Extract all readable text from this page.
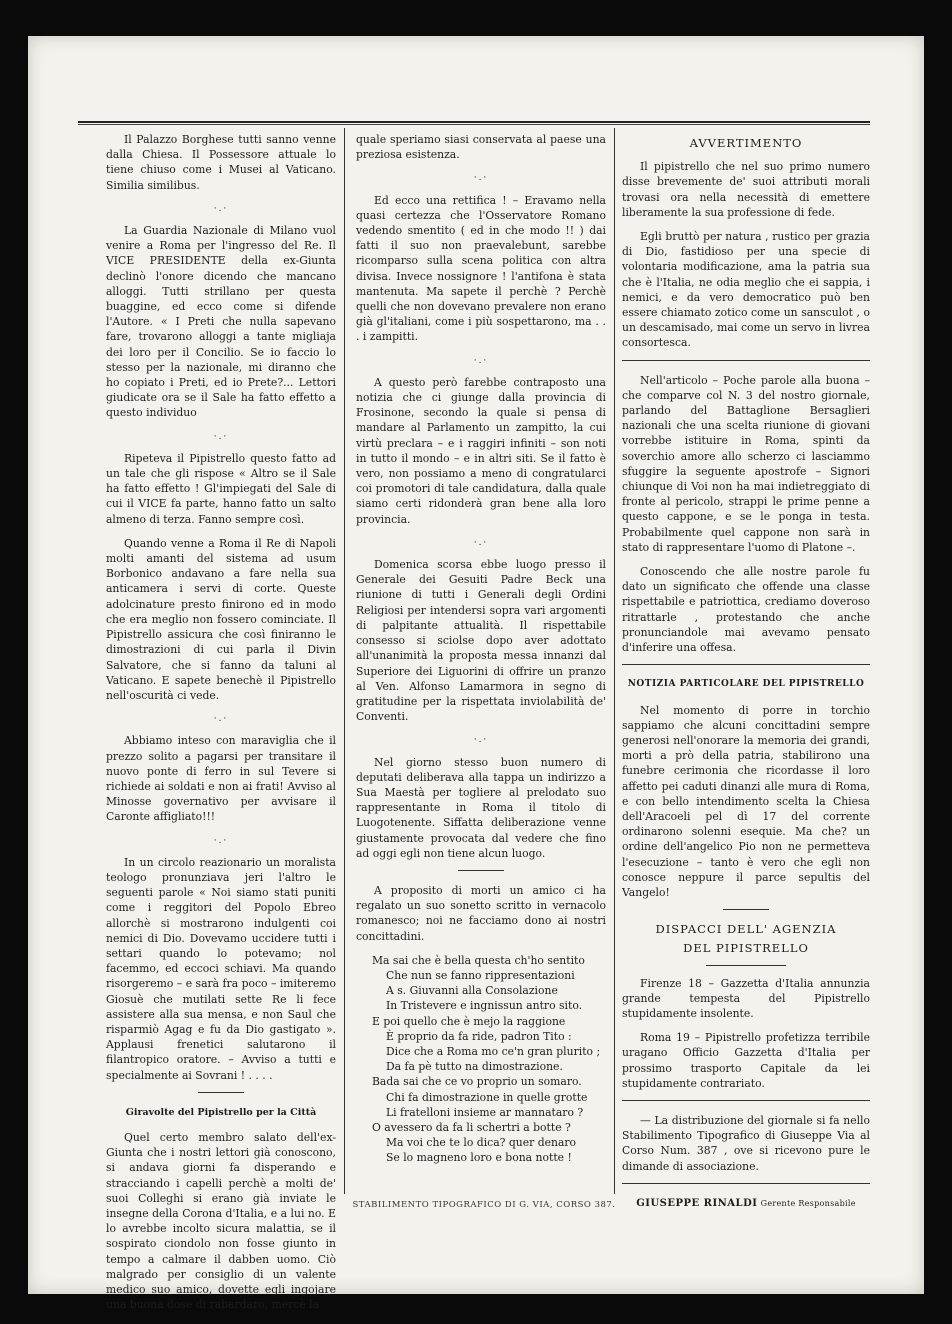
Il Palazzo Borghese tutti sanno venne dalla Chiesa. Il Possessore attuale lo tiene chiuso come i Musei al Vaticano. Similia similibus.

·.·

La Guardia Nazionale di Milano vuol venire a Roma per l'ingresso del Re. Il VICE PRESIDENTE della ex-Giunta declinò l'onore dicendo che mancano alloggi. Tutti strillano per questa buaggine, ed ecco come si difende l'Autore. « I Preti che nulla sapevano fare, trovarono alloggi a tante migliaja dei loro per il Concilio. Se io faccio lo stesso per la nazionale, mi diranno che ho copiato i Preti, ed io Prete?... Lettori giudicate ora se il Sale ha fatto effetto a questo individuo

·.·

Ripeteva il Pipistrello questo fatto ad un tale che gli rispose « Altro se il Sale ha fatto effetto ! Gl'impiegati del Sale di cui il VICE fa parte, hanno fatto un salto almeno di terza. Fanno sempre così.

Quando venne a Roma il Re di Napoli molti amanti del sistema ad usum Borbonico andavano a fare nella sua anticamera i servi di corte. Queste adolcinature presto finirono ed in modo che era meglio non fossero cominciate. Il Pipistrello assicura che così finiranno le dimostrazioni di cui parla il Divin Salvatore, che si fanno da taluni al Vaticano. E sapete benechè il Pipistrello nell'oscurità ci vede.

·.·

Abbiamo inteso con maraviglia che il prezzo solito a pagarsi per transitare il nuovo ponte di ferro in sul Tevere si richiede ai soldati e non ai frati! Avviso al Minosse governativo per avvisare il Caronte affigliato!!!

·.·

In un circolo reazionario un moralista teologo pronunziava jeri l'altro le seguenti parole « Noi siamo stati puniti come i reggitori del Popolo Ebreo allorchè si mostrarono indulgenti coi nemici di Dio. Dovevamo uccidere tutti i settari quando lo potevamo; nol facemmo, ed eccoci schiavi. Ma quando risorgeremo – e sarà fra poco – imiteremo Giosuè che mutilati sette Re li fece assistere alla sua mensa, e non Saul che risparmiò Agag e fu da Dio gastigato ». Applausi frenetici salutarono il filantropico oratore. – Avviso a tutti e specialmente ai Sovrani ! . . . .

Giravolte del Pipistrello per la Città

Quel certo membro salato dell'ex-Giunta che i nostri lettori già conoscono, si andava giorni fa disperando e stracciando i capelli perchè a molti de' suoi Colleghi si erano già inviate le insegne della Corona d'Italia, e a lui no. E lo avrebbe incolto sicura malattia, se il sospirato ciondolo non fosse giunto in tempo a calmare il dabben uomo. Ciò malgrado per consiglio di un valente medico suo amico, dovette egli ingojare una buona dose di rabardaro, mercè la

quale speriamo siasi conservata al paese una preziosa esistenza.

·.·

Ed ecco una rettifica ! – Eravamo nella quasi certezza che l'Osservatore Romano vedendo smentito ( ed in che modo !! ) dai fatti il suo non praevalebunt, sarebbe ricomparso sulla scena politica con altra divisa. Invece nossignore ! l'antifona è stata mantenuta. Ma sapete il perchè ? Perchè quelli che non dovevano prevalere non erano già gl'italiani, come i più sospettarono, ma . . . i zampitti.

·.·

A questo però farebbe contraposto una notizia che ci giunge dalla provincia di Frosinone, secondo la quale si pensa di mandare al Parlamento un zampitto, la cui virtù preclara – e i raggiri infiniti – son noti in tutto il mondo – e in altri siti. Se il fatto è vero, non possiamo a meno di congratularci coi promotori di tale candidatura, dalla quale siamo certi ridonderà gran bene alla loro provincia.

·.·

Domenica scorsa ebbe luogo presso il Generale dei Gesuiti Padre Beck una riunione di tutti i Generali degli Ordini Religiosi per intendersi sopra vari argomenti di palpitante attualità. Il rispettabile consesso si sciolse dopo aver adottato all'unanimità la proposta messa innanzi dal Superiore dei Liguorini di offrire un pranzo al Ven. Alfonso Lamarmora in segno di gratitudine per la rispettata inviolabilità de' Conventi.

·.·

Nel giorno stesso buon numero di deputati deliberava alla tappa un indirizzo a Sua Maestà per togliere al prelodato suo rappresentante in Roma il titolo di Luogotenente. Siffatta deliberazione venne giustamente provocata dal vedere che fino ad oggi egli non tiene alcun luogo.

A proposito di morti un amico ci ha regalato un suo sonetto scritto in vernacolo romanesco; noi ne facciamo dono ai nostri concittadini.

Ma sai che è bella questa ch'ho sentito
Che nun se fanno rippresentazioni
A s. Giuvanni alla Consolazione
In Tristevere e ingnissun antro sito.
E poi quello che è mejo la raggione
È proprio da fa ride, padron Tito :
Dice che a Roma mo ce'n gran plurito ;
Da fa pè tutto na dimostrazione.
Bada sai che ce vo proprio un somaro.
Chi fa dimostrazione in quelle grotte
Li fratelloni insieme ar mannataro ?
O avessero da fa li schertri a botte ?
Ma voi che te lo dica? quer denaro
Se lo magneno loro e bona notte !
AVVERTIMENTO

Il pipistrello che nel suo primo numero disse brevemente de' suoi attributi morali trovasi ora nella necessità di emettere liberamente la sua professione di fede.

Egli bruttò per natura , rustico per grazia di Dio, fastidioso per una specie di volontaria modificazione, ama la patria sua che è l'Italia, ne odia meglio che ei sappia, i nemici, e da vero democratico può ben essere chiamato zotico come un sansculot , o un descamisado, mai come un servo in livrea consortesca.

Nell'articolo – Poche parole alla buona – che comparve col N. 3 del nostro giornale, parlando del Battaglione Bersaglieri nazionali che una scelta riunione di giovani vorrebbe istituire in Roma, spinti da soverchio amore allo scherzo ci lasciammo sfuggire la seguente apostrofe – Signori chiunque di Voi non ha mai indietreggiato di fronte al pericolo, strappi le prime penne a questo cappone, e se le ponga in testa. Probabilmente quel cappone non sarà in stato di rappresentare l'uomo di Platone –.

Conoscendo che alle nostre parole fu dato un significato che offende una classe rispettabile e patriottica, crediamo doveroso ritrattarle , protestando che anche pronunciandole mai avevamo pensato d'inferire una offesa.

NOTIZIA PARTICOLARE DEL PIPISTRELLO

Nel momento di porre in torchio sappiamo che alcuni concittadini sempre generosi nell'onorare la memoria dei grandi, morti a prò della patria, stabilirono una funebre cerimonia che ricordasse il loro affetto pei caduti dinanzi alle mura di Roma, e con bello intendimento scelta la Chiesa dell'Aracoeli pel dì 17 del corrente ordinarono solenni esequie. Ma che? un ordine dell'angelico Pio non ne permetteva l'esecuzione – tanto è vero che egli non conosce neppure il parce sepultis del Vangelo!

DISPACCI DELL' AGENZIA
DEL PIPISTRELLO

Firenze 18 – Gazzetta d'Italia annunzia grande tempesta del Pipistrello stupidamente insolente.

Roma 19 – Pipistrello profetizza terribile uragano Officio Gazzetta d'Italia per prossimo trasporto Capitale da lei stupidamente contrariato.

— La distribuzione del giornale si fa nello Stabilimento Tipografico di Giuseppe Via al Corso Num. 387 , ove si ricevono pure le dimande di associazione.

GIUSEPPE RINALDI Gerente Responsabile
STABILIMENTO TIPOGRAFICO DI G. VIA, CORSO 387.
